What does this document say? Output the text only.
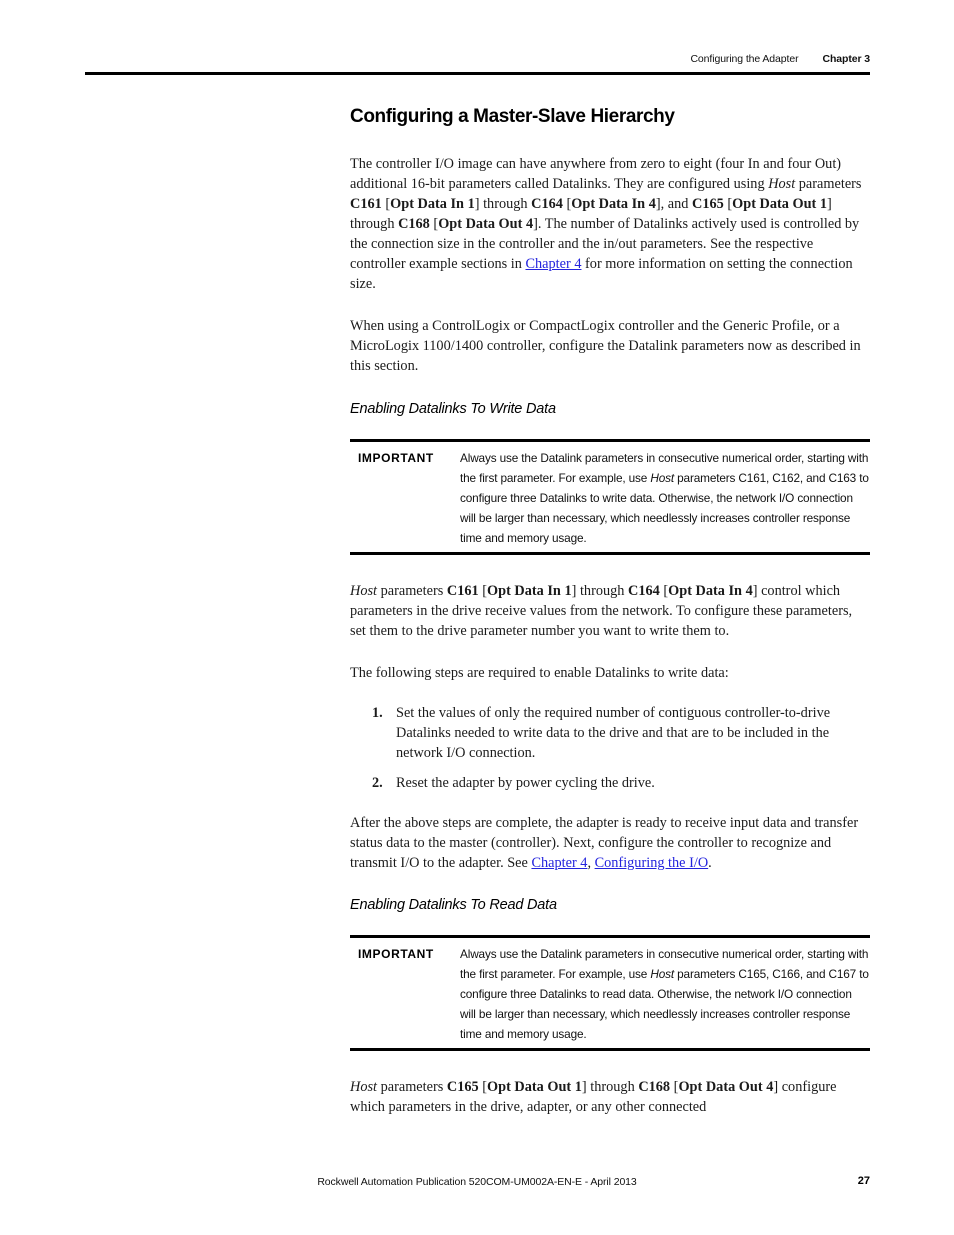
Configuring the Adapter Chapter 3
Configuring a Master-Slave Hierarchy

The controller I/O image can have anywhere from zero to eight (four In and four Out) additional 16-bit parameters called Datalinks. They are configured using Host parameters C161 [Opt Data In 1] through C164 [Opt Data In 4], and C165 [Opt Data Out 1] through C168 [Opt Data Out 4]. The number of Datalinks actively used is controlled by the connection size in the controller and the in/out parameters. See the respective controller example sections in Chapter 4 for more information on setting the connection size.

When using a ControlLogix or CompactLogix controller and the Generic Profile, or a MicroLogix 1100/1400 controller, configure the Datalink parameters now as described in this section.

Enabling Datalinks To Write Data
IMPORTANT	Always use the Datalink parameters in consecutive numerical order, starting with the first parameter. For example, use Host parameters C161, C162, and C163 to configure three Datalinks to write data. Otherwise, the network I/O connection will be larger than necessary, which needlessly increases controller response time and memory usage.

Host parameters C161 [Opt Data In 1] through C164 [Opt Data In 4] control which parameters in the drive receive values from the network. To configure these parameters, set them to the drive parameter number you want to write them to.

The following steps are required to enable Datalinks to write data:

1. Set the values of only the required number of contiguous controller-to-drive Datalinks needed to write data to the drive and that are to be included in the network I/O connection.
2. Reset the adapter by power cycling the drive.

After the above steps are complete, the adapter is ready to receive input data and transfer status data to the master (controller). Next, configure the controller to recognize and transmit I/O to the adapter. See Chapter 4, Configuring the I/O.

Enabling Datalinks To Read Data
IMPORTANT	Always use the Datalink parameters in consecutive numerical order, starting with the first parameter. For example, use Host parameters C165, C166, and C167 to configure three Datalinks to read data. Otherwise, the network I/O connection will be larger than necessary, which needlessly increases controller response time and memory usage.

Host parameters C165 [Opt Data Out 1] through C168 [Opt Data Out 4] configure which parameters in the drive, adapter, or any other connected

Rockwell Automation Publication 520COM-UM002A-EN-E - April 2013	27
